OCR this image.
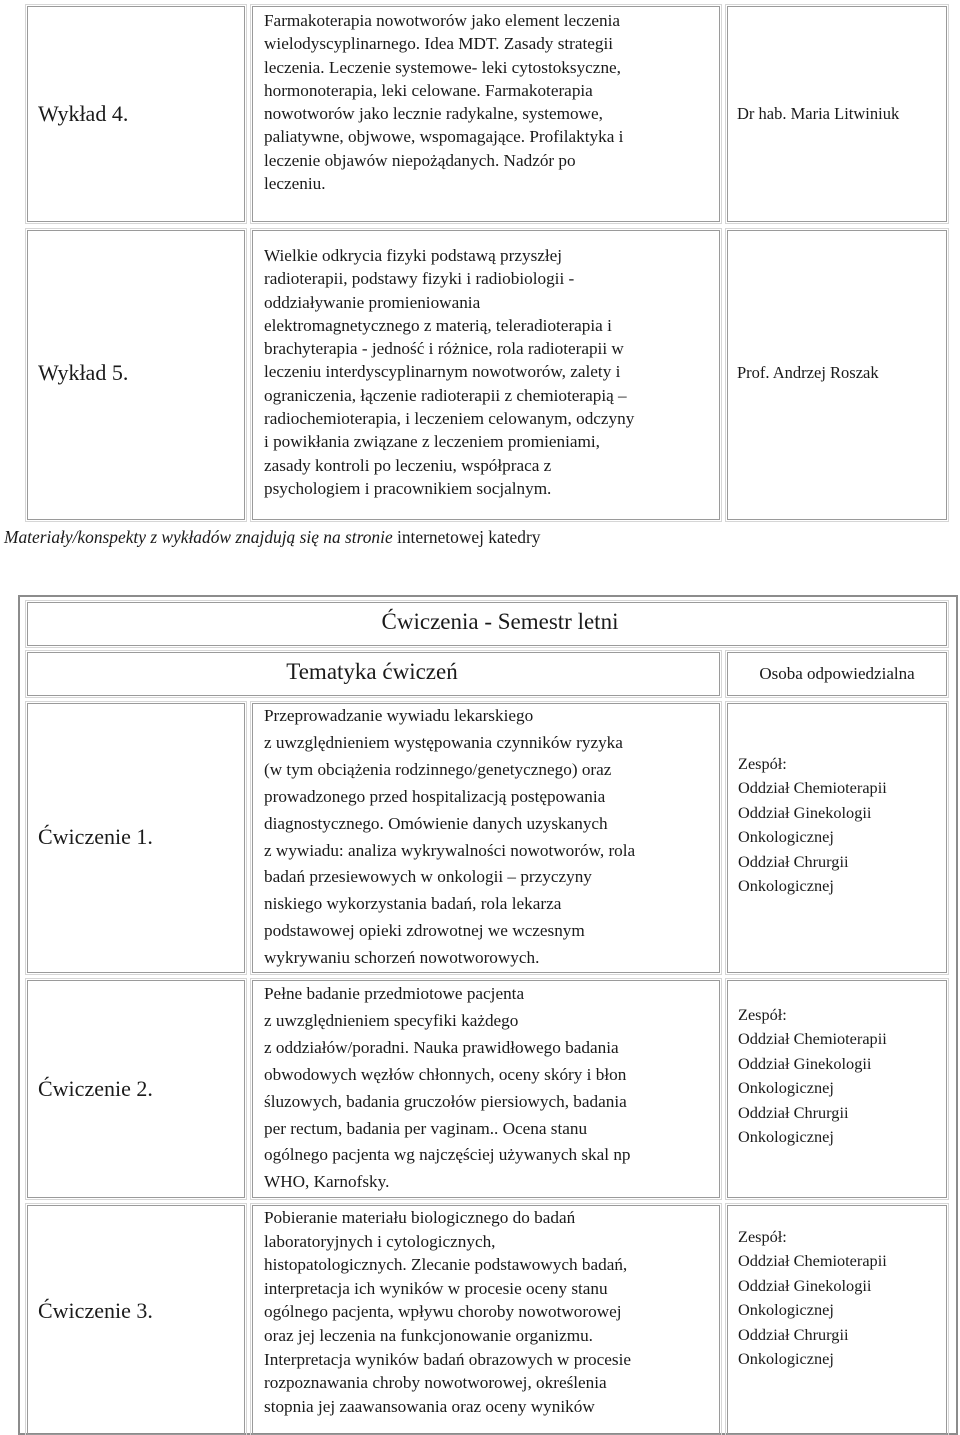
Wykład 4.
Farmakoterapia nowotworów jako element leczenia
wielodyscyplinarnego. Idea MDT. Zasady strategii
leczenia. Leczenie systemowe- leki cytostoksyczne,
hormonoterapia, leki celowane. Farmakoterapia
nowotworów jako lecznie radykalne, systemowe,
paliatywne, objwowe, wspomagające. Profilaktyka i
leczenie objawów niepożądanych. Nadzór po
leczeniu.
Dr hab. Maria Litwiniuk
Wykład 5.
Wielkie odkrycia fizyki podstawą przyszłej
radioterapii, podstawy fizyki i radiobiologii -
oddziaływanie promieniowania
elektromagnetycznego z materią, teleradioterapia i
brachyterapia - jedność i różnice, rola radioterapii w
leczeniu interdyscyplinarnym nowotworów, zalety i
ograniczenia, łączenie radioterapii z chemioterapią –
radiochemioterapia, i leczeniem celowanym, odczyny
i powikłania związane z leczeniem promieniami,
zasady kontroli po leczeniu, współpraca z
psychologiem i pracownikiem socjalnym.
Prof. Andrzej Roszak
Materiały/konspekty z wykładów znajdują się na stronie internetowej katedry
Ćwiczenia - Semestr letni
Tematyka ćwiczeń	Osoba odpowiedzialna
Ćwiczenie 1.
Przeprowadzanie wywiadu lekarskiego
z uwzględnieniem występowania czynników ryzyka
(w tym obciążenia rodzinnego/genetycznego) oraz
prowadzonego przed hospitalizacją postępowania
diagnostycznego. Omówienie danych uzyskanych
z wywiadu: analiza wykrywalności nowotworów, rola
badań przesiewowych w onkologii – przyczyny
niskiego wykorzystania badań, rola lekarza
podstawowej opieki zdrowotnej we wczesnym
wykrywaniu schorzeń nowotworowych.
Zespół:
Oddział Chemioterapii
Oddział Ginekologii
Onkologicznej
Oddział Chrurgii
Onkologicznej
Ćwiczenie 2.
Pełne badanie przedmiotowe pacjenta
z uwzględnieniem specyfiki każdego
z oddziałów/poradni. Nauka prawidłowego badania
obwodowych węzłów chłonnych, oceny skóry i błon
śluzowych, badania gruczołów piersiowych, badania
per rectum, badania per vaginam.. Ocena stanu
ogólnego pacjenta wg najczęściej używanych skal np
WHO, Karnofsky.
Zespół:
Oddział Chemioterapii
Oddział Ginekologii
Onkologicznej
Oddział Chrurgii
Onkologicznej
Ćwiczenie 3.
Pobieranie materiału biologicznego do badań
laboratoryjnych i cytologicznych,
histopatologicznych. Zlecanie podstawowych badań,
interpretacja ich wyników w procesie oceny stanu
ogólnego pacjenta, wpływu choroby nowotworowej
oraz jej leczenia na funkcjonowanie organizmu.
Interpretacja wyników badań obrazowych w procesie
rozpoznawania chroby nowotworowej, określenia
stopnia jej zaawansowania oraz oceny wyników
Zespół:
Oddział Chemioterapii
Oddział Ginekologii
Onkologicznej
Oddział Chrurgii
Onkologicznej
